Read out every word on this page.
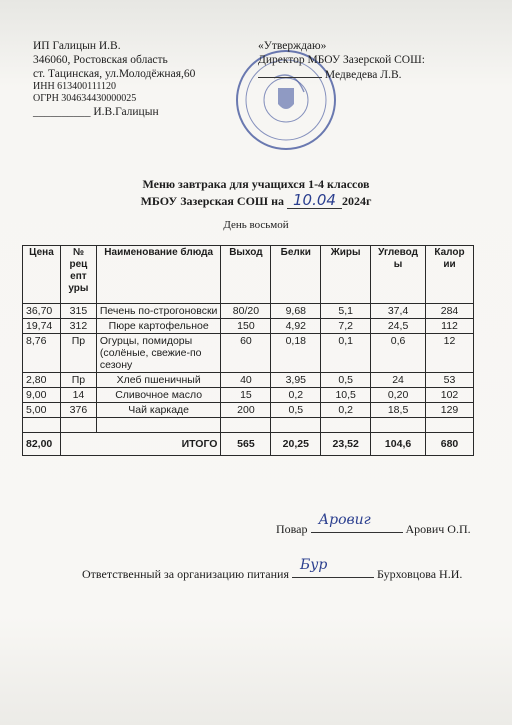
ИП Галицын И.В.
346060, Ростовская область
ст. Тацинская, ул.Молодёжная,60
ИНН 613400111120
ОГРН 304634430000025
__________ И.В.Галицын
«Утверждаю»
Директор МБОУ Зазерской СОШ:
Медведева Л.В.
Меню завтрака для учащихся 1-4 классов
МБОУ Зазерская СОШ на 10.04 2024г
День восьмой
Цена	№ рец епт уры	Наименование блюда	Выход	Белки	Жиры	Углевод ы	Калор ии
36,70	315	Печень по-строгоновски	80/20	9,68	5,1	37,4	284
19,74	312	Пюре картофельное	150	4,92	7,2	24,5	112
8,76	Пр	Огурцы, помидоры (солёные, свежие-по сезону	60	0,18	0,1	0,6	12
2,80	Пр	Хлеб пшеничный	40	3,95	0,5	24	53
9,00	14	Сливочное масло	15	0,2	10,5	0,20	102
5,00	376	Чай каркаде	200	0,5	0,2	18,5	129

82,00	ИТОГО		565	20,25	23,52	104,6	680
Повар
Аровиг
Арович О.П.
Ответственный за организацию питания
Бур
Бурховцова Н.И.
